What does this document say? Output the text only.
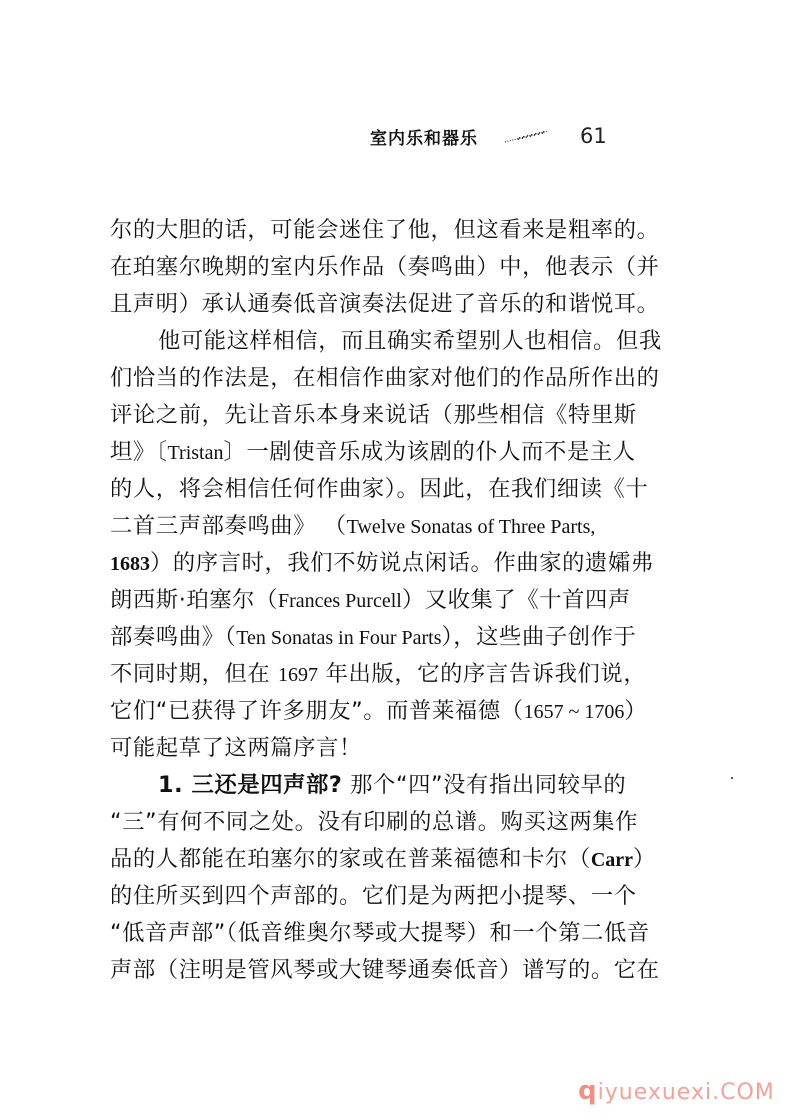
室内乐和器乐	61
尔的大胆的话，可能会迷住了他，但这看来是粗率的。
在珀塞尔晚期的室内乐作品（奏鸣曲）中，他表示（并
且声明）承认通奏低音演奏法促进了音乐的和谐悦耳。
他可能这样相信，而且确实希望别人也相信。但我
们恰当的作法是，在相信作曲家对他们的作品所作出的
评论之前，先让音乐本身来说话（那些相信《特里斯
坦》〔Tristan〕一剧使音乐成为该剧的仆人而不是主人
的人，将会相信任何作曲家）。因此，在我们细读《十
二首三声部奏鸣曲》 （Twelve Sonatas of Three Parts,
1683）的序言时，我们不妨说点闲话。作曲家的遗孀弗
朗西斯·珀塞尔（Frances Purcell）又收集了《十首四声
部奏鸣曲》（Ten Sonatas in Four Parts），这些曲子创作于
不同时期，但在 1697 年出版，它的序言告诉我们说，
它们“已获得了许多朋友”。而普莱福德（1657 ~ 1706）
可能起草了这两篇序言！
1. 三还是四声部? 那个“四”没有指出同较早的
“三”有何不同之处。没有印刷的总谱。购买这两集作
品的人都能在珀塞尔的家或在普莱福德和卡尔（Carr）
的住所买到四个声部的。它们是为两把小提琴、一个
“低音声部”（低音维奥尔琴或大提琴）和一个第二低音
声部（注明是管风琴或大键琴通奏低音）谱写的。它在
qiyuexuexi.COM
